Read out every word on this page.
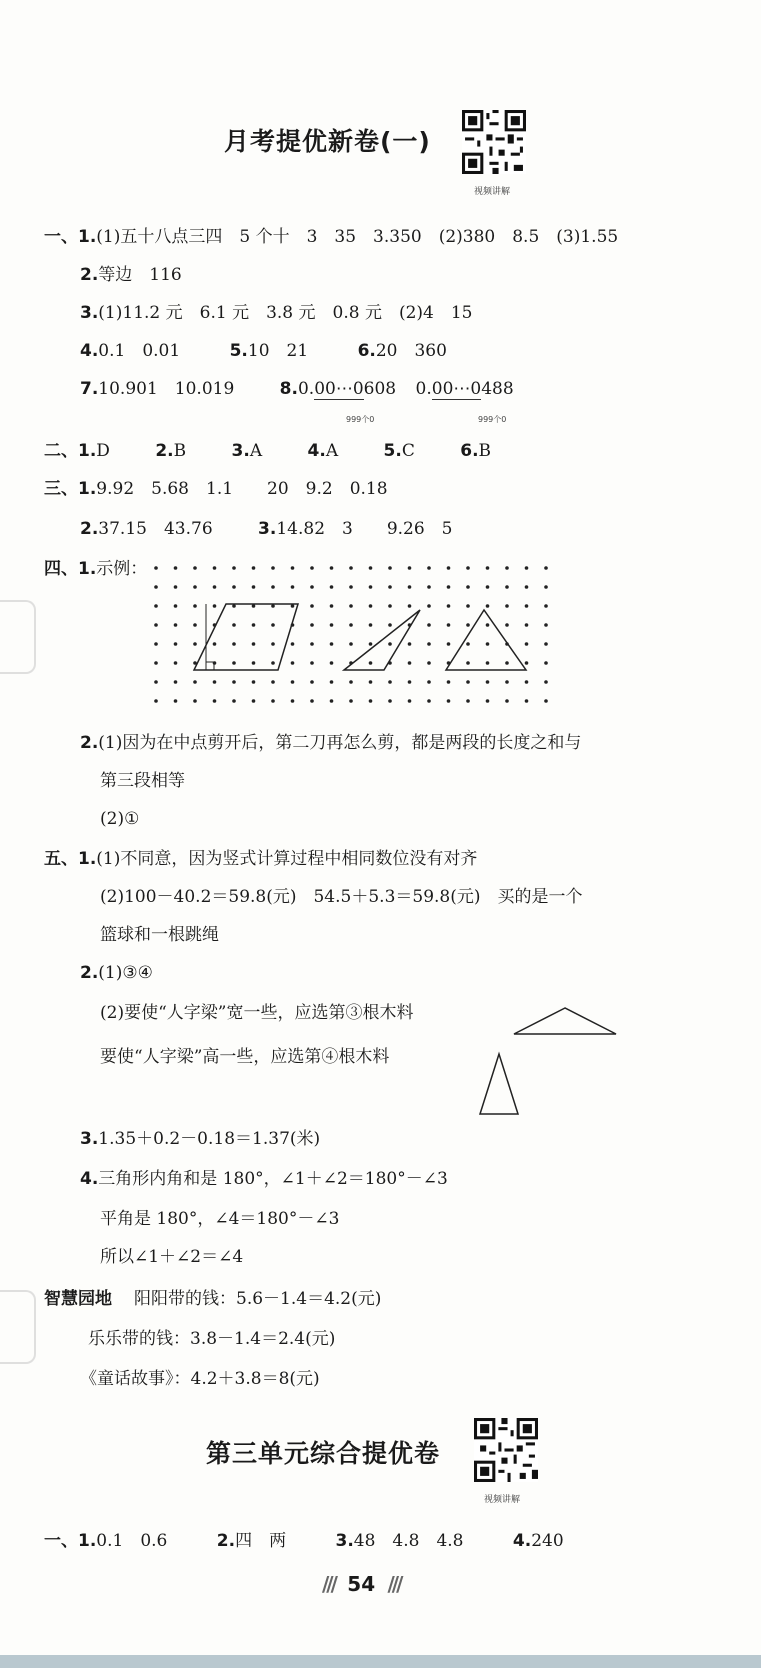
月考提优新卷(一)
视频讲解
一、1.(1)五十八点三四　5 个十　3　35　3.350　(2)380　8.5　(3)1.55
2.等边　116
3.(1)11.2 元　6.1 元　3.8 元　0.8 元　(2)4　15
4.0.1　0.01	5.10　21	6.20　360
7.10.901　10.019	8.0.00⋯0608 0.00⋯0488
999个0	999个0
二、1.D	2.B	3.A	4.A	5.C	6.B
三、1.9.92　5.68　1.1　　20　9.2　0.18
2.37.15　43.76	3.14.82　3　　9.26　5
四、1.示例：
2.(1)因为在中点剪开后，第二刀再怎么剪，都是两段的长度之和与
第三段相等
(2)①
五、1.(1)不同意，因为竖式计算过程中相同数位没有对齐
(2)100－40.2＝59.8(元)　54.5＋5.3＝59.8(元)　买的是一个
篮球和一根跳绳
2.(1)③④
(2)要使“人字梁”宽一些，应选第③根木料
要使“人字梁”高一些，应选第④根木料
3.1.35＋0.2－0.18＝1.37(米)
4.三角形内角和是 180°，∠1＋∠2＝180°－∠3
平角是 180°，∠4＝180°－∠3
所以∠1＋∠2＝∠4
智慧园地 阳阳带的钱：5.6－1.4＝4.2(元)
乐乐带的钱：3.8－1.4＝2.4(元)
《童话故事》：4.2＋3.8＝8(元)
第三单元综合提优卷
视频讲解
一、1.0.1　0.6	2.四　两	3.48　4.8　4.8	4.240
/// 54 ///
